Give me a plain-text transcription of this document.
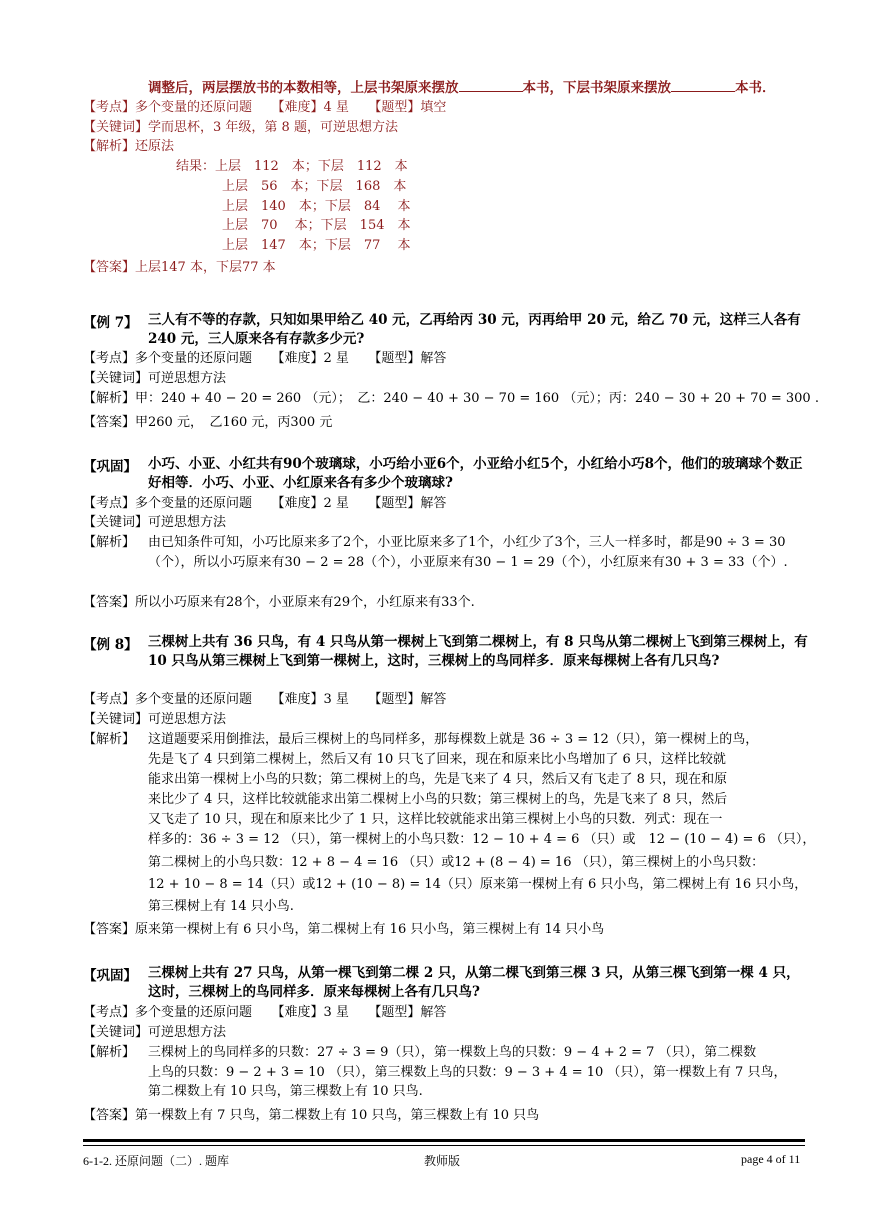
调整后，两层摆放书的本数相等，上层书架原来摆放	本书，下层书架原来摆放	本书．
【考点】多个变量的还原问题　　【难度】4 星　　【题型】填空
【关键词】学而思杯，3 年级，第 8 题，可逆思想方法
【解析】还原法
结果：上层　112　本；下层　112　本
上层　56　本；下层　168　本
上层　140　本；下层　84　 本
上层　70　 本；下层　154　本
上层　147　本；下层　77　 本
【答案】上层147 本，下层77 本
【例 7】 三人有不等的存款，只知如果甲给乙 40 元，乙再给丙 30 元，丙再给甲 20 元，给乙 70 元，这样三人各有 240 元，三人原来各有存款多少元?
【考点】多个变量的还原问题　　【难度】2 星　　【题型】解答
【关键词】可逆思想方法
【解析】甲：240 + 40 − 20 = 260 （元）；　乙：240 − 40 + 30 − 70 = 160 （元）；丙：240 − 30 + 20 + 70 = 300 .
【答案】甲260 元，　乙160 元，丙300 元
【巩固】 小巧、小亚、小红共有90个玻璃球，小巧给小亚6个，小亚给小红5个，小红给小巧8个，他们的玻璃球个数正好相等．小巧、小亚、小红原来各有多少个玻璃球?
【考点】多个变量的还原问题　　【难度】2 星　　【题型】解答
【关键词】可逆思想方法
【解析】 由已知条件可知，小巧比原来多了2个，小亚比原来多了1个，小红少了3个，三人一样多时，都是90 ÷ 3 = 30（个），所以小巧原来有30 − 2 = 28（个），小亚原来有30 − 1 = 29（个），小红原来有30 + 3 = 33（个）.
【答案】所以小巧原来有28个，小亚原来有29个，小红原来有33个.
【例 8】 三棵树上共有 36 只鸟，有 4 只鸟从第一棵树上飞到第二棵树上，有 8 只鸟从第二棵树上飞到第三棵树上，有 10 只鸟从第三棵树上飞到第一棵树上，这时，三棵树上的鸟同样多．原来每棵树上各有几只鸟?
【考点】多个变量的还原问题　　【难度】3 星　　【题型】解答
【关键词】可逆思想方法
【解析】 这道题要采用倒推法，最后三棵树上的鸟同样多，那每棵数上就是 36 ÷ 3 = 12（只），第一棵树上的鸟，
先是飞了 4 只到第二棵树上，然后又有 10 只飞了回来，现在和原来比小鸟增加了 6 只，这样比较就
能求出第一棵树上小鸟的只数；第二棵树上的鸟，先是飞来了 4 只，然后又有飞走了 8 只，现在和原
来比少了 4 只，这样比较就能求出第二棵树上小鸟的只数；第三棵树上的鸟，先是飞来了 8 只，然后
又飞走了 10 只，现在和原来比少了 1 只，这样比较就能求出第三棵树上小鸟的只数．列式：现在一
样多的：36 ÷ 3 = 12 （只），第一棵树上的小鸟只数：12 − 10 + 4 = 6 （只）或　12 − (10 − 4) = 6 （只），
第二棵树上的小鸟只数：12 + 8 − 4 = 16 （只）或12 + (8 − 4) = 16 （只），第三棵树上的小鸟只数：
12 + 10 − 8 = 14（只）或12 + (10 − 8) = 14（只）原来第一棵树上有 6 只小鸟，第二棵树上有 16 只小鸟，
第三棵树上有 14 只小鸟.
【答案】原来第一棵树上有 6 只小鸟，第二棵树上有 16 只小鸟，第三棵树上有 14 只小鸟
【巩固】 三棵树上共有 27 只鸟，从第一棵飞到第二棵 2 只，从第二棵飞到第三棵 3 只，从第三棵飞到第一棵 4 只，这时，三棵树上的鸟同样多．原来每棵树上各有几只鸟?
【考点】多个变量的还原问题　　【难度】3 星　　【题型】解答
【关键词】可逆思想方法
【解析】 三棵树上的鸟同样多的只数：27 ÷ 3 = 9（只），第一棵数上鸟的只数：9 − 4 + 2 = 7 （只），第二棵数
上鸟的只数：9 − 2 + 3 = 10 （只），第三棵数上鸟的只数：9 − 3 + 4 = 10 （只），第一棵数上有 7 只鸟，
第二棵数上有 10 只鸟，第三棵数上有 10 只鸟.
【答案】第一棵数上有 7 只鸟，第二棵数上有 10 只鸟，第三棵数上有 10 只鸟
6-1-2. 还原问题（二）. 题库	教师版	page 4 of 11
